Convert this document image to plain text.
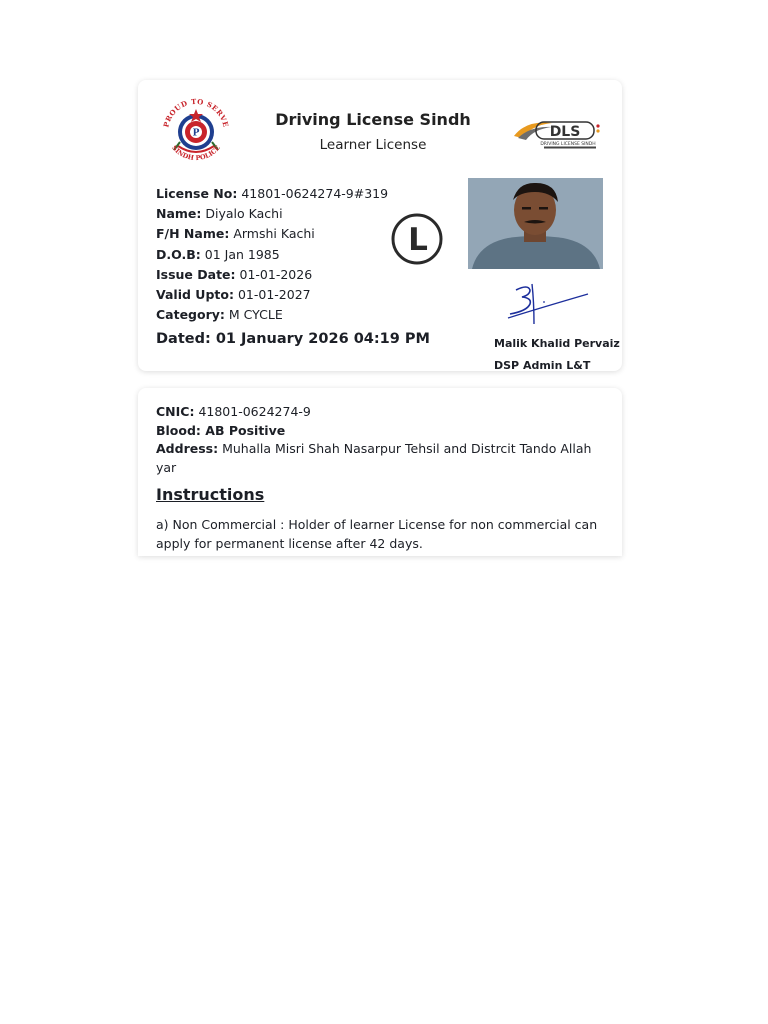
PROUD TO SERVE
P
SINDH POLICE
Driving License Sindh
Learner License
DLS
DRIVING LICENSE SINDH
License No: 41801-0624274-9#319
Name: Diyalo Kachi
F/H Name: Armshi Kachi
D.O.B: 01 Jan 1985
Issue Date: 01-01-2026
Valid Upto: 01-01-2027
Category: M CYCLE
L
Dated: 01 January 2026 04:19 PM	Malik Khalid Pervaiz
DSP Admin L&T
CNIC: 41801-0624274-9
Blood: AB Positive
Address: Muhalla Misri Shah Nasarpur Tehsil and Distrcit Tando Allah yar
Instructions
a) Non Commercial : Holder of learner License for non commercial can apply for permanent license after 42 days.
